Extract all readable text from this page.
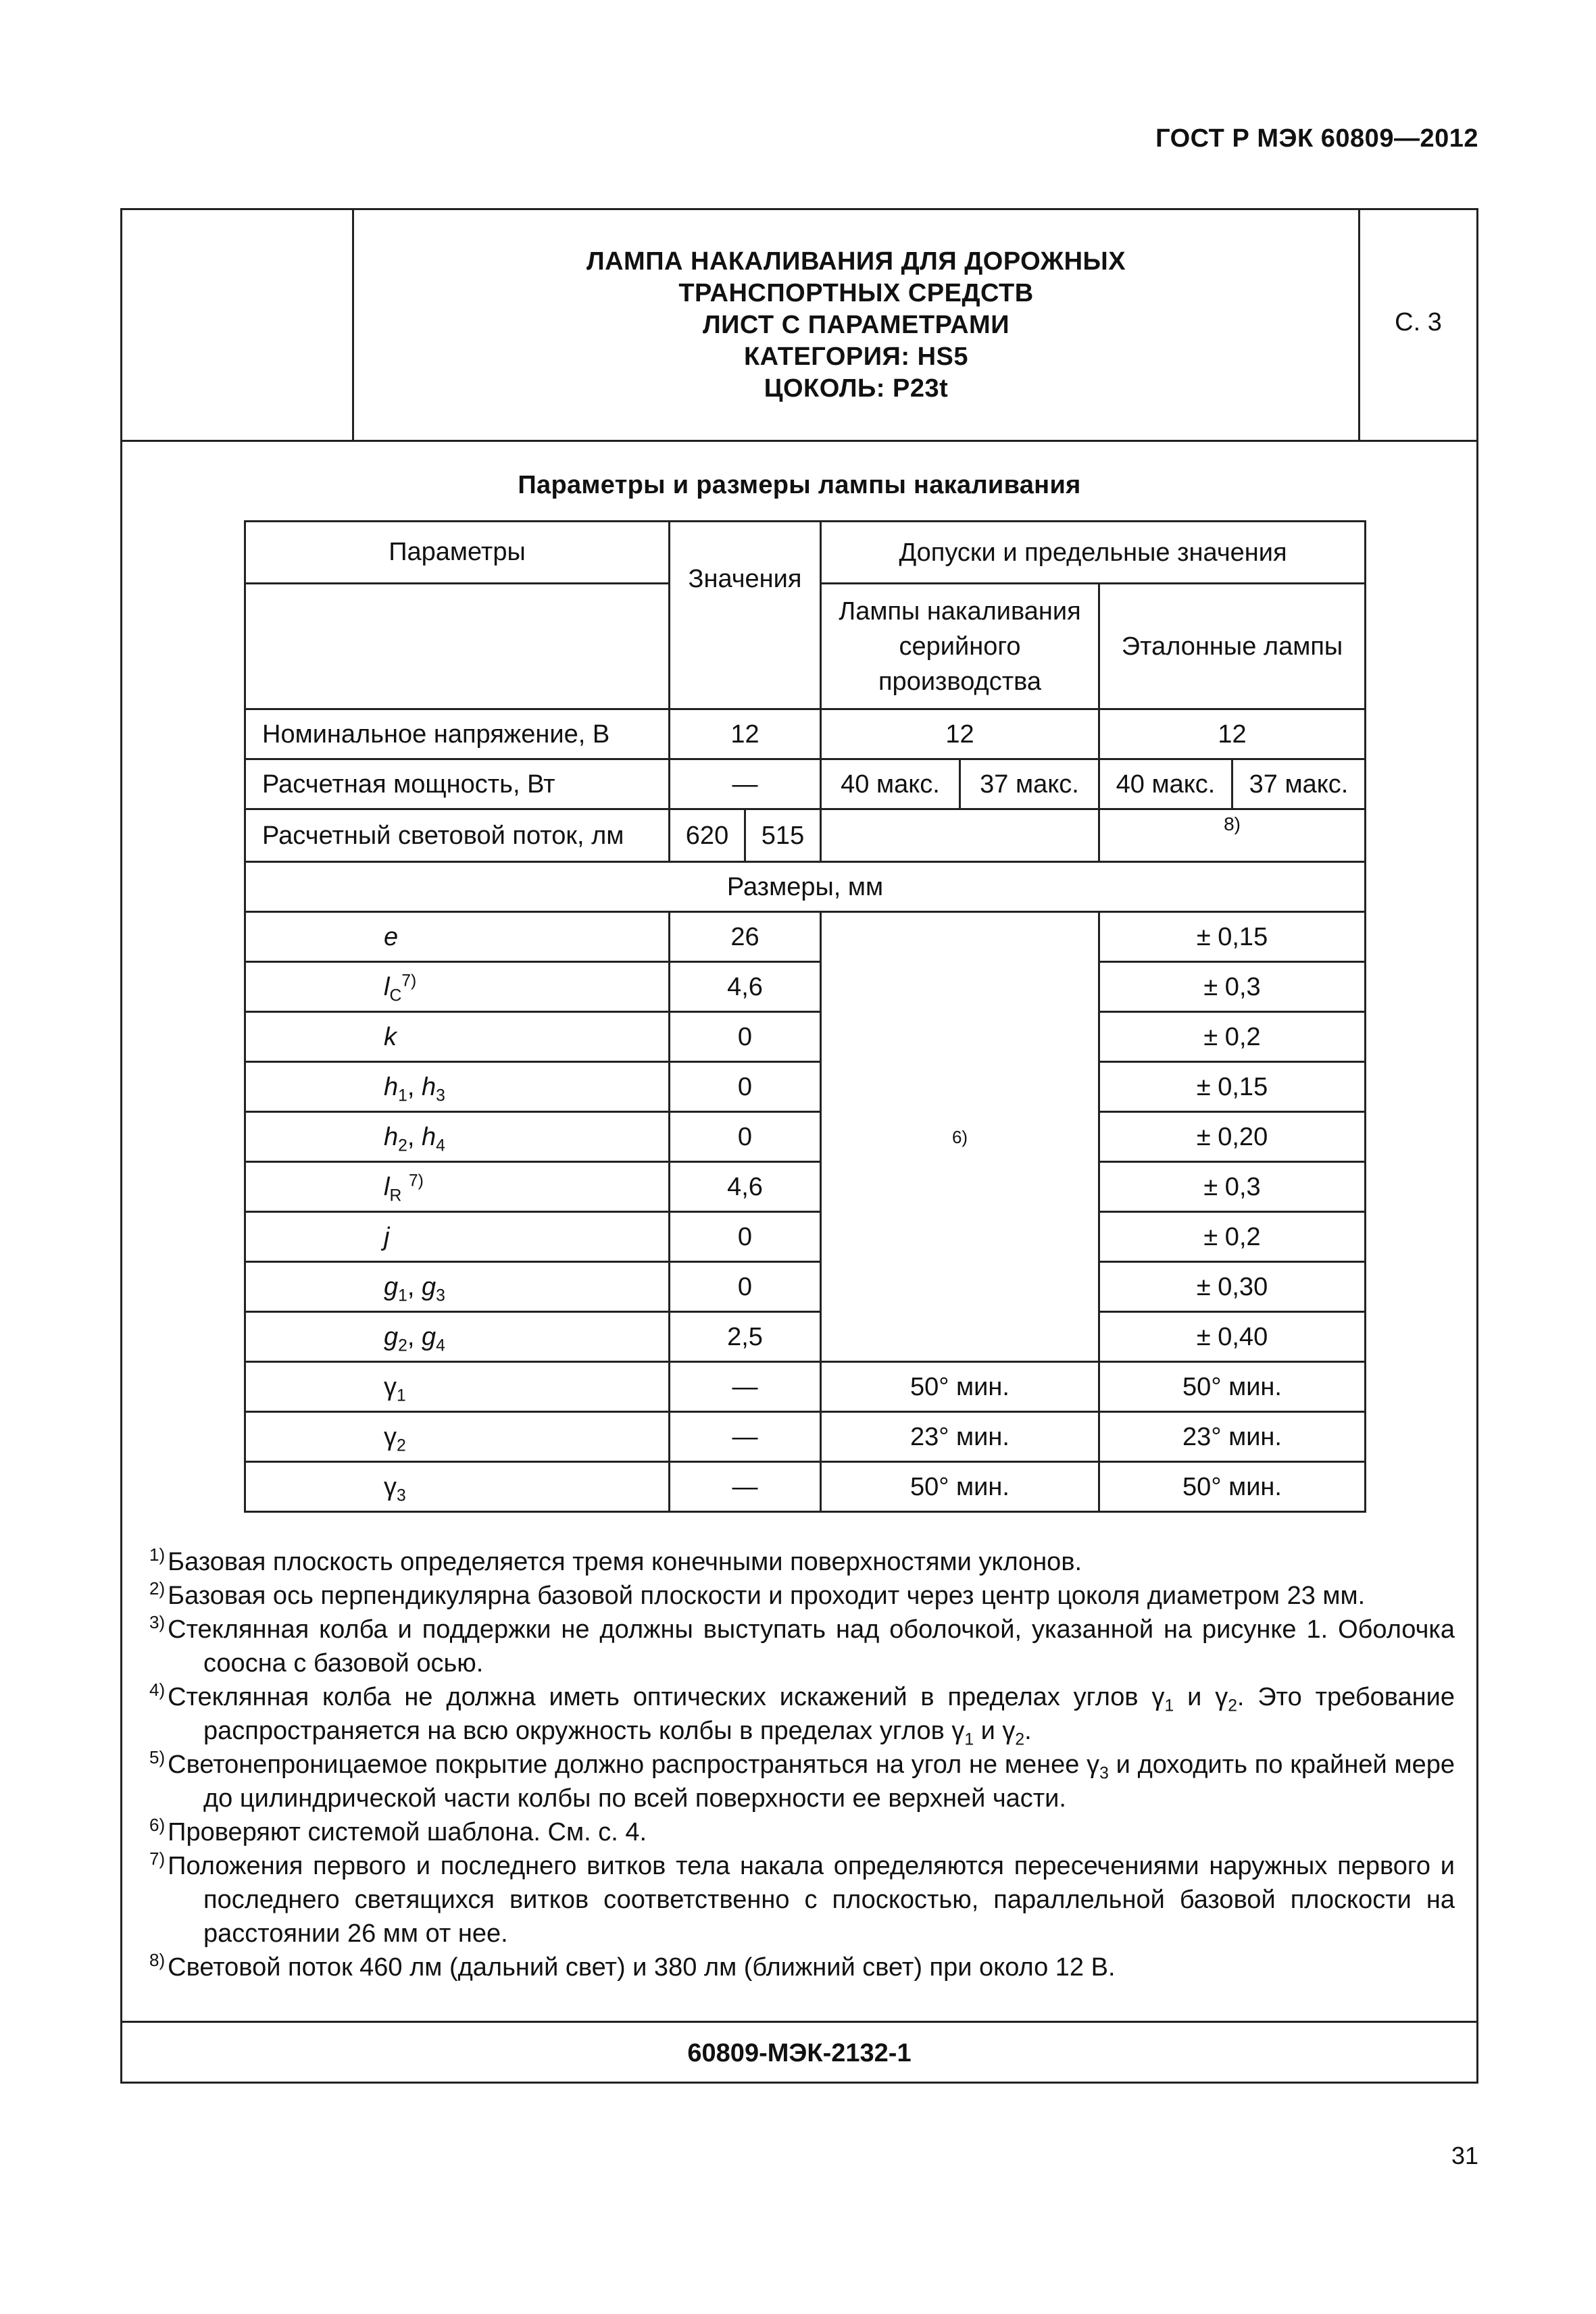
ГОСТ Р МЭК 60809—2012
ЛАМПА НАКАЛИВАНИЯ ДЛЯ ДОРОЖНЫХ
ТРАНСПОРТНЫХ СРЕДСТВ
ЛИСТ С ПАРАМЕТРАМИ
КАТЕГОРИЯ: HS5
ЦОКОЛЬ: P23t
С. 3
Параметры и размеры лампы накаливания
Параметры	Значения		Допуски и предельные значения			
			Лампы накаливания серийного производства		Эталонные лампы	
Номинальное напряжение, В	12		12		12	
Расчетная мощность, Вт	—		40 макс.	37 макс.	40 макс.	37 макс.
Расчетный световой поток, лм	620	515			8)	
Размеры, мм						
e	26		6)		± 0,15	
$l_C^{7)}$	4,6				± 0,3	
k	0				± 0,2	
$h_1$, $h_3$	0				± 0,15	
$h_2$, $h_4$	0				± 0,20	
$l_R$ $^{7)}$	4,6				± 0,3	
j	0				± 0,2	
$g_1$, $g_3$	0				± 0,30	
$g_2$, $g_4$	2,5				± 0,40	
$\gamma_1$	—		50° мин.		50° мин.	
$\gamma_2$	—		23° мин.		23° мин.	
$\gamma_3$	—		50° мин.		50° мин.	
$^{1)}$ Базовая плоскость определяется тремя конечными поверхностями уклонов.
$^{2)}$ Базовая ось перпендикулярна базовой плоскости и проходит через центр цоколя диаметром 23 мм.
$^{3)}$ Стеклянная колба и поддержки не должны выступать над оболочкой, указанной на рисунке 1. Оболочка соосна с базовой осью.
$^{4)}$ Стеклянная колба не должна иметь оптических искажений в пределах углов $\gamma_1$ и $\gamma_2$. Это требование распространяется на всю окружность колбы в пределах углов $\gamma_1$ и $\gamma_2$.
$^{5)}$ Светонепроницаемое покрытие должно распространяться на угол не менее $\gamma_3$ и доходить по крайней мере до цилиндрической части колбы по всей поверхности ее верхней части.
$^{6)}$ Проверяют системой шаблона. См. с. 4.
$^{7)}$ Положения первого и последнего витков тела накала определяются пересечениями наружных первого и последнего светящихся витков соответственно с плоскостью, параллельной базовой плоскости на расстоянии 26 мм от нее.
$^{8)}$ Световой поток 460 лм (дальний свет) и 380 лм (ближний свет) при около 12 В.
60809-МЭК-2132-1
31
